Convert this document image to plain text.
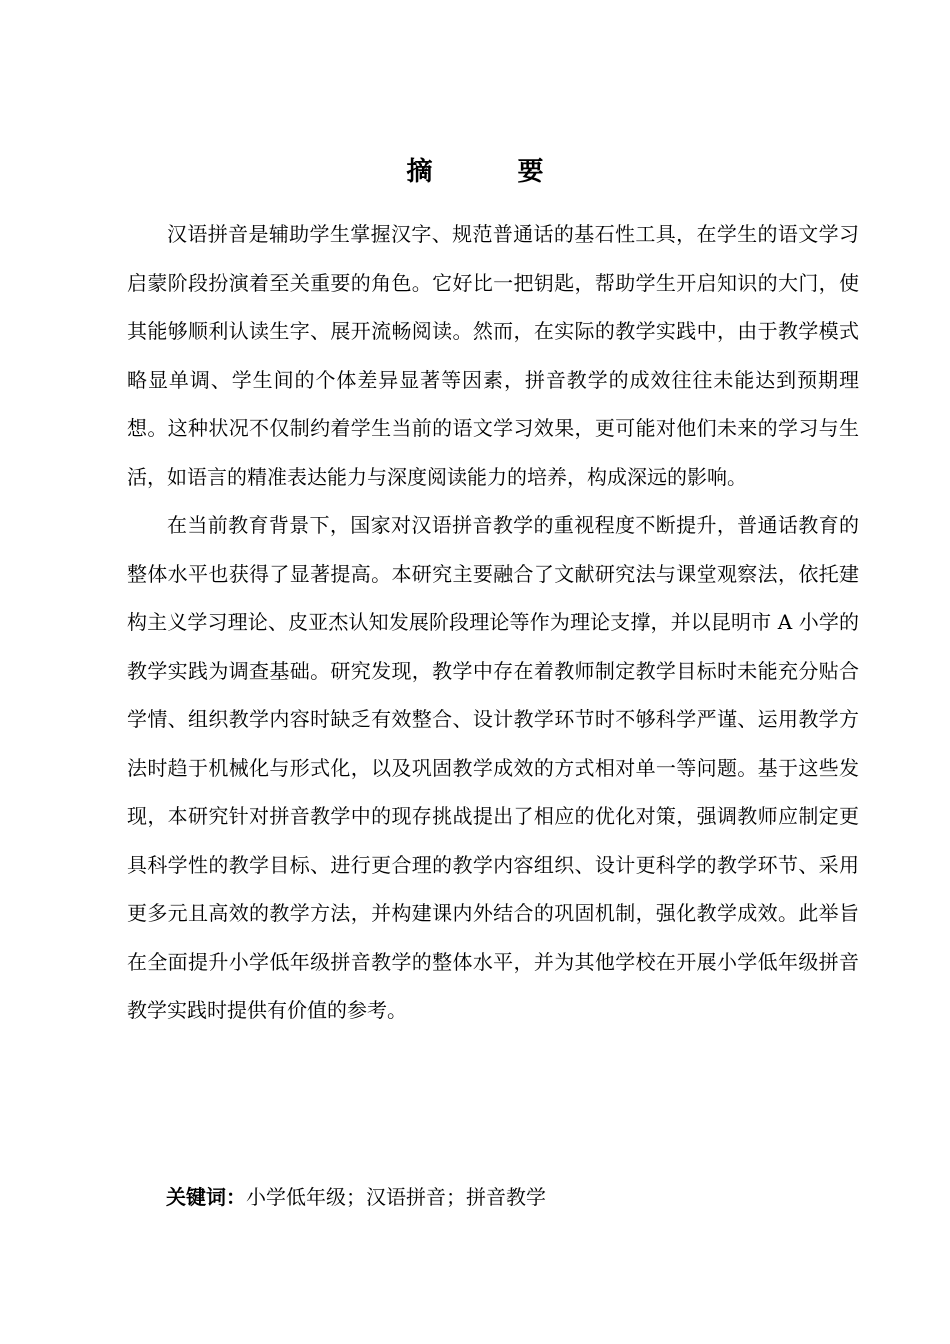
摘 要

汉语拼音是辅助学生掌握汉字、规范普通话的基石性工具，在学生的语文学习启蒙阶段扮演着至关重要的角色。它好比一把钥匙，帮助学生开启知识的大门，使其能够顺利认读生字、展开流畅阅读。然而，在实际的教学实践中，由于教学模式略显单调、学生间的个体差异显著等因素，拼音教学的成效往往未能达到预期理想。这种状况不仅制约着学生当前的语文学习效果，更可能对他们未来的学习与生活，如语言的精准表达能力与深度阅读能力的培养，构成深远的影响。

在当前教育背景下，国家对汉语拼音教学的重视程度不断提升，普通话教育的整体水平也获得了显著提高。本研究主要融合了文献研究法与课堂观察法，依托建构主义学习理论、皮亚杰认知发展阶段理论等作为理论支撑，并以昆明市 A 小学的教学实践为调查基础。研究发现，教学中存在着教师制定教学目标时未能充分贴合学情、组织教学内容时缺乏有效整合、设计教学环节时不够科学严谨、运用教学方法时趋于机械化与形式化，以及巩固教学成效的方式相对单一等问题。基于这些发现，本研究针对拼音教学中的现存挑战提出了相应的优化对策，强调教师应制定更具科学性的教学目标、进行更合理的教学内容组织、设计更科学的教学环节、采用更多元且高效的教学方法，并构建课内外结合的巩固机制，强化教学成效。此举旨在全面提升小学低年级拼音教学的整体水平，并为其他学校在开展小学低年级拼音教学实践时提供有价值的参考。

关键词：小学低年级；汉语拼音；拼音教学
